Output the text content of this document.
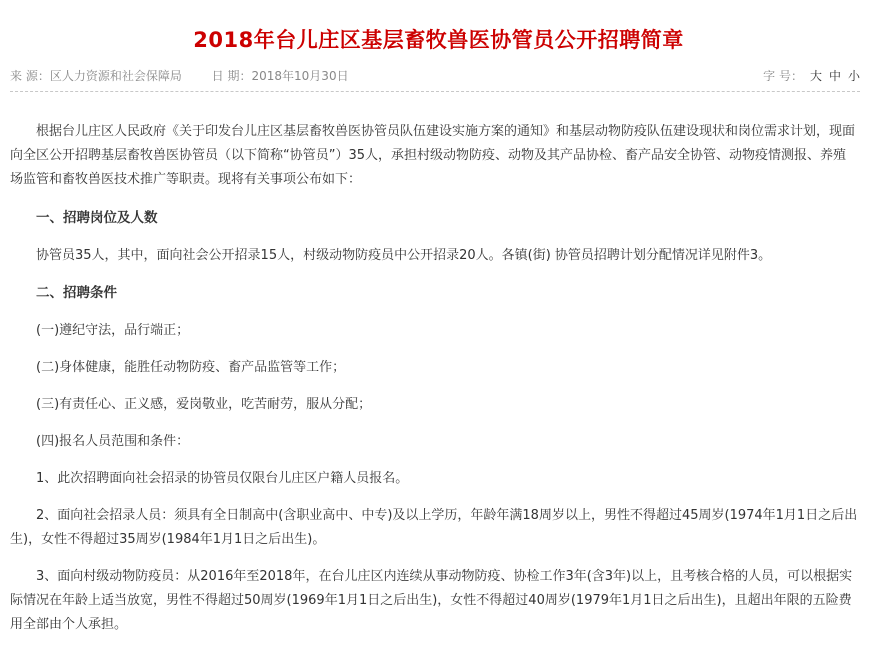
2018年台儿庄区基层畜牧兽医协管员公开招聘简章
来 源：区人力资源和社会保障局 日 期：2018年10月30日	字 号： 大 中 小

根据台儿庄区人民政府《关于印发台儿庄区基层畜牧兽医协管员队伍建设实施方案的通知》和基层动物防疫队伍建设现状和岗位需求计划，现面向全区公开招聘基层畜牧兽医协管员（以下简称“协管员”）35人，承担村级动物防疫、动物及其产品协检、畜产品安全协管、动物疫情测报、养殖场监管和畜牧兽医技术推广等职责。现将有关事项公布如下：

一、招聘岗位及人数

协管员35人，其中，面向社会公开招录15人，村级动物防疫员中公开招录20人。各镇(街) 协管员招聘计划分配情况详见附件3。

二、招聘条件

(一)遵纪守法，品行端正；

(二)身体健康，能胜任动物防疫、畜产品监管等工作；

(三)有责任心、正义感，爱岗敬业，吃苦耐劳，服从分配；

(四)报名人员范围和条件：

1、此次招聘面向社会招录的协管员仅限台儿庄区户籍人员报名。

2、面向社会招录人员：须具有全日制高中(含职业高中、中专)及以上学历，年龄年满18周岁以上，男性不得超过45周岁(1974年1月1日之后出生)，女性不得超过35周岁(1984年1月1日之后出生)。

3、面向村级动物防疫员：从2016年至2018年，在台儿庄区内连续从事动物防疫、协检工作3年(含3年)以上，且考核合格的人员，可以根据实际情况在年龄上适当放宽，男性不得超过50周岁(1969年1月1日之后出生)，女性不得超过40周岁(1979年1月1日之后出生)，且超出年限的五险费用全部由个人承担。
